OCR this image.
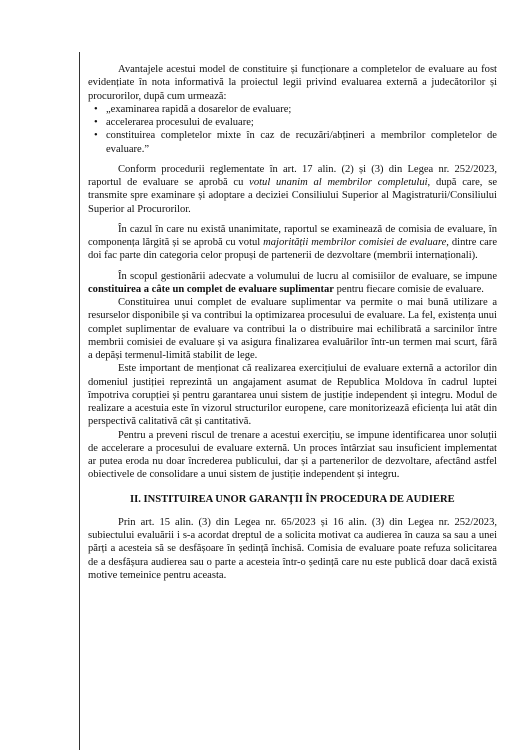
Avantajele acestui model de constituire și funcționare a completelor de evaluare au fost evidențiate în nota informativă la proiectul legii privind evaluarea externă a judecătorilor și procurorilor, după cum urmează:

• „examinarea rapidă a dosarelor de evaluare;

• accelerarea procesului de evaluare;

• constituirea completelor mixte în caz de recuzări/abțineri a membrilor completelor de evaluare.”

Conform procedurii reglementate în art. 17 alin. (2) și (3) din Legea nr. 252/2023, raportul de evaluare se aprobă cu votul unanim al membrilor completului, după care, se transmite spre examinare și adoptare a deciziei Consiliului Superior al Magistraturii/Consiliului Superior al Procurorilor.

În cazul în care nu există unanimitate, raportul se examinează de comisia de evaluare, în componența lărgită și se aprobă cu votul majorității membrilor comisiei de evaluare, dintre care doi fac parte din categoria celor propuși de partenerii de dezvoltare (membrii internaționali).

În scopul gestionării adecvate a volumului de lucru al comisiilor de evaluare, se impune constituirea a câte un complet de evaluare suplimentar pentru fiecare comisie de evaluare.

Constituirea unui complet de evaluare suplimentar va permite o mai bună utilizare a resurselor disponibile și va contribui la optimizarea procesului de evaluare. La fel, existența unui complet suplimentar de evaluare va contribui la o distribuire mai echilibrată a sarcinilor între membrii comisiei de evaluare și va asigura finalizarea evaluărilor într-un termen mai scurt, fără a depăși termenul-limită stabilit de lege.

Este important de menționat că realizarea exercițiului de evaluare externă a actorilor din domeniul justiției reprezintă un angajament asumat de Republica Moldova în cadrul luptei împotriva corupției și pentru garantarea unui sistem de justiție independent și integru. Modul de realizare a acestuia este în vizorul structurilor europene, care monitorizează eficiența lui atât din perspectivă calitativă cât și cantitativă.

Pentru a preveni riscul de trenare a acestui exercițiu, se impune identificarea unor soluții de accelerare a procesului de evaluare externă. Un proces întârziat sau insuficient implementat ar putea eroda nu doar încrederea publicului, dar și a partenerilor de dezvoltare, afectând astfel obiectivele de consolidare a unui sistem de justiție independent și integru.

II. INSTITUIREA UNOR GARANȚII ÎN PROCEDURA DE AUDIERE

Prin art. 15 alin. (3) din Legea nr. 65/2023 și 16 alin. (3) din Legea nr. 252/2023, subiectului evaluării i s-a acordat dreptul de a solicita motivat ca audierea în cauza sa sau a unei părți a acesteia să se desfășoare în ședință închisă. Comisia de evaluare poate refuza solicitarea de a desfășura audierea sau o parte a acesteia într-o ședință care nu este publică doar dacă există motive temeinice pentru aceasta.
